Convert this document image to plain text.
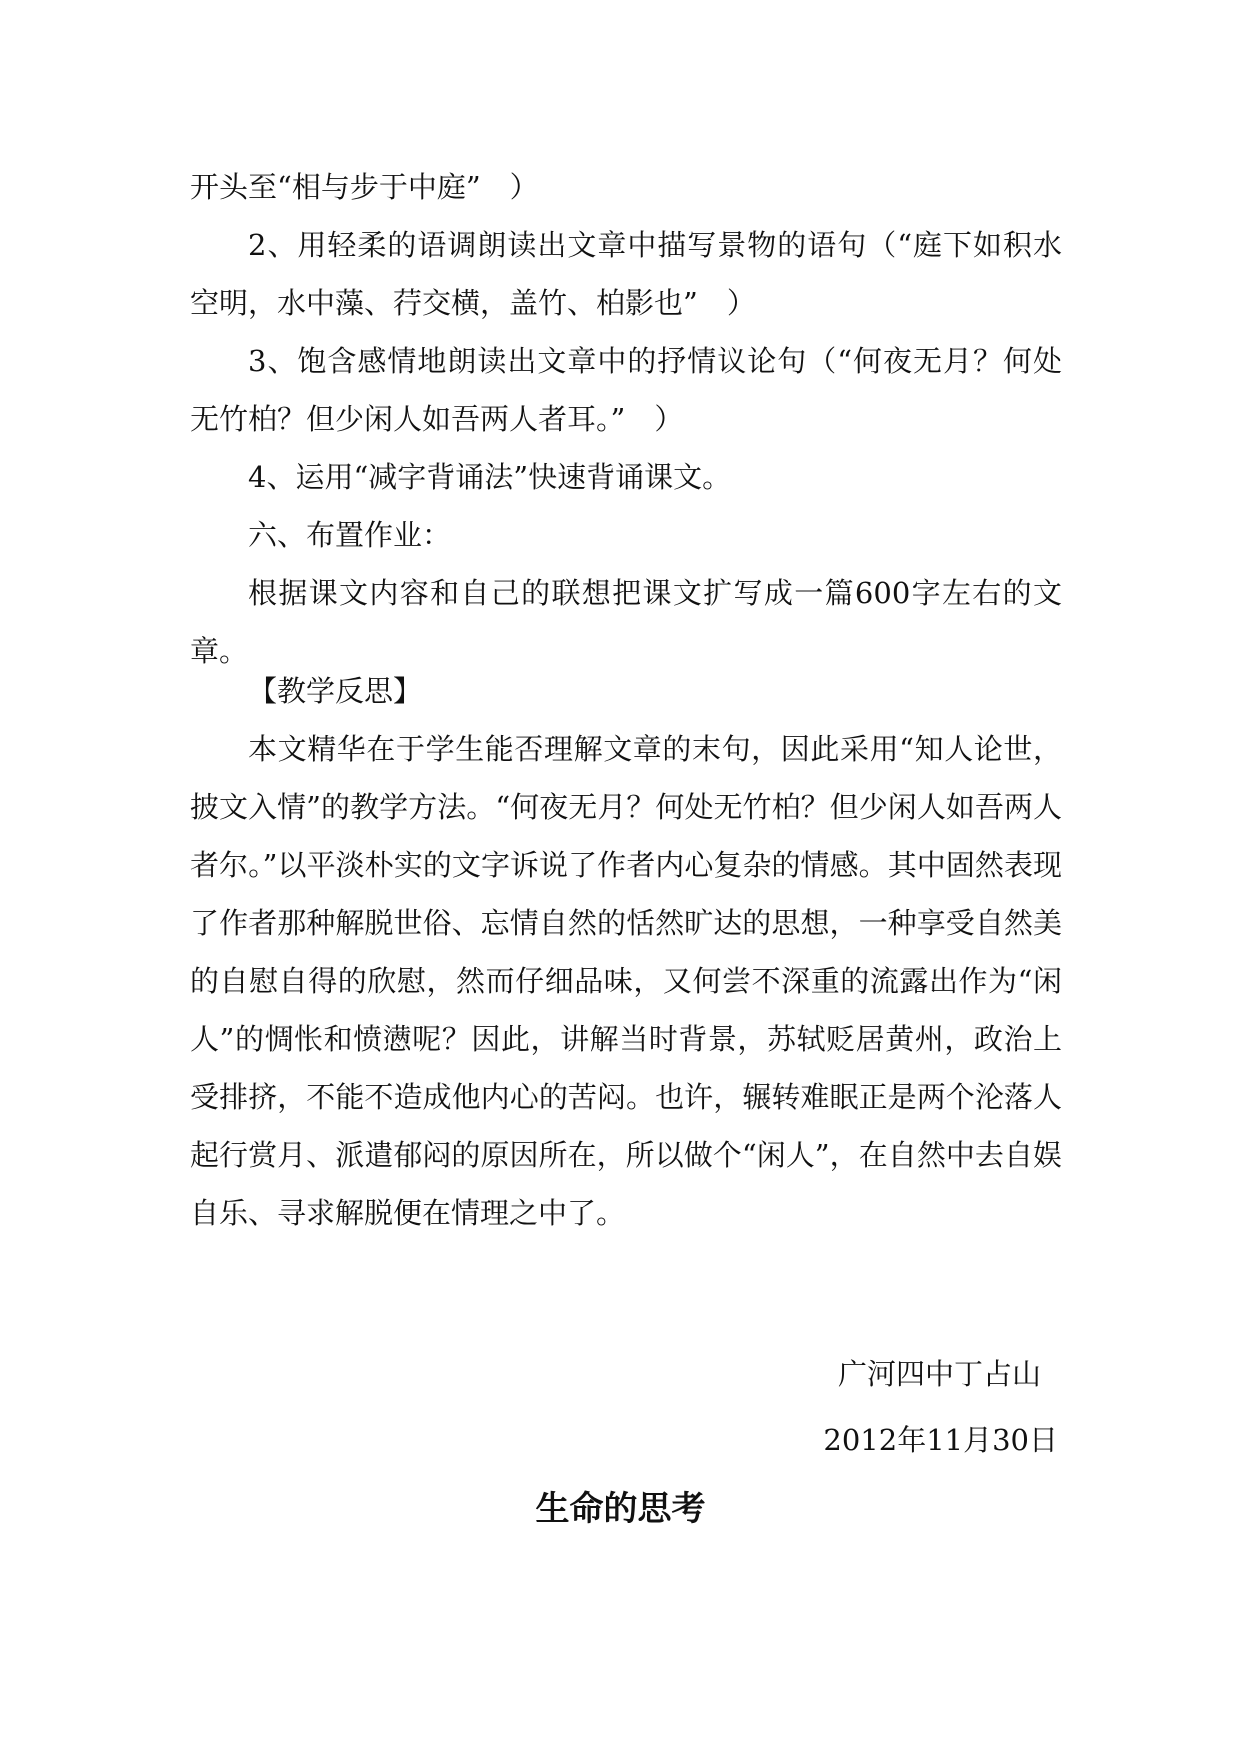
开头至“相与步于中庭”　）

2、用轻柔的语调朗读出文章中描写景物的语句（“庭下如积水空明，水中藻、荇交横，盖竹、柏影也”　）

3、饱含感情地朗读出文章中的抒情议论句（“何夜无月？何处无竹柏？但少闲人如吾两人者耳。”　）

4、运用“减字背诵法”快速背诵课文。

六、布置作业：

根据课文内容和自己的联想把课文扩写成一篇600字左右的文章。

【教学反思】

本文精华在于学生能否理解文章的末句，因此采用“知人论世，披文入情”的教学方法。“何夜无月？何处无竹柏？但少闲人如吾两人者尔。”以平淡朴实的文字诉说了作者内心复杂的情感。其中固然表现了作者那种解脱世俗、忘情自然的恬然旷达的思想，一种享受自然美的自慰自得的欣慰，然而仔细品味，又何尝不深重的流露出作为“闲人”的惆怅和愤懑呢？因此，讲解当时背景，苏轼贬居黄州，政治上受排挤，不能不造成他内心的苦闷。也许，辗转难眠正是两个沦落人起行赏月、派遣郁闷的原因所在，所以做个“闲人”，在自然中去自娱自乐、寻求解脱便在情理之中了。

广河四中丁占山
2012年11月30日
生命的思考
